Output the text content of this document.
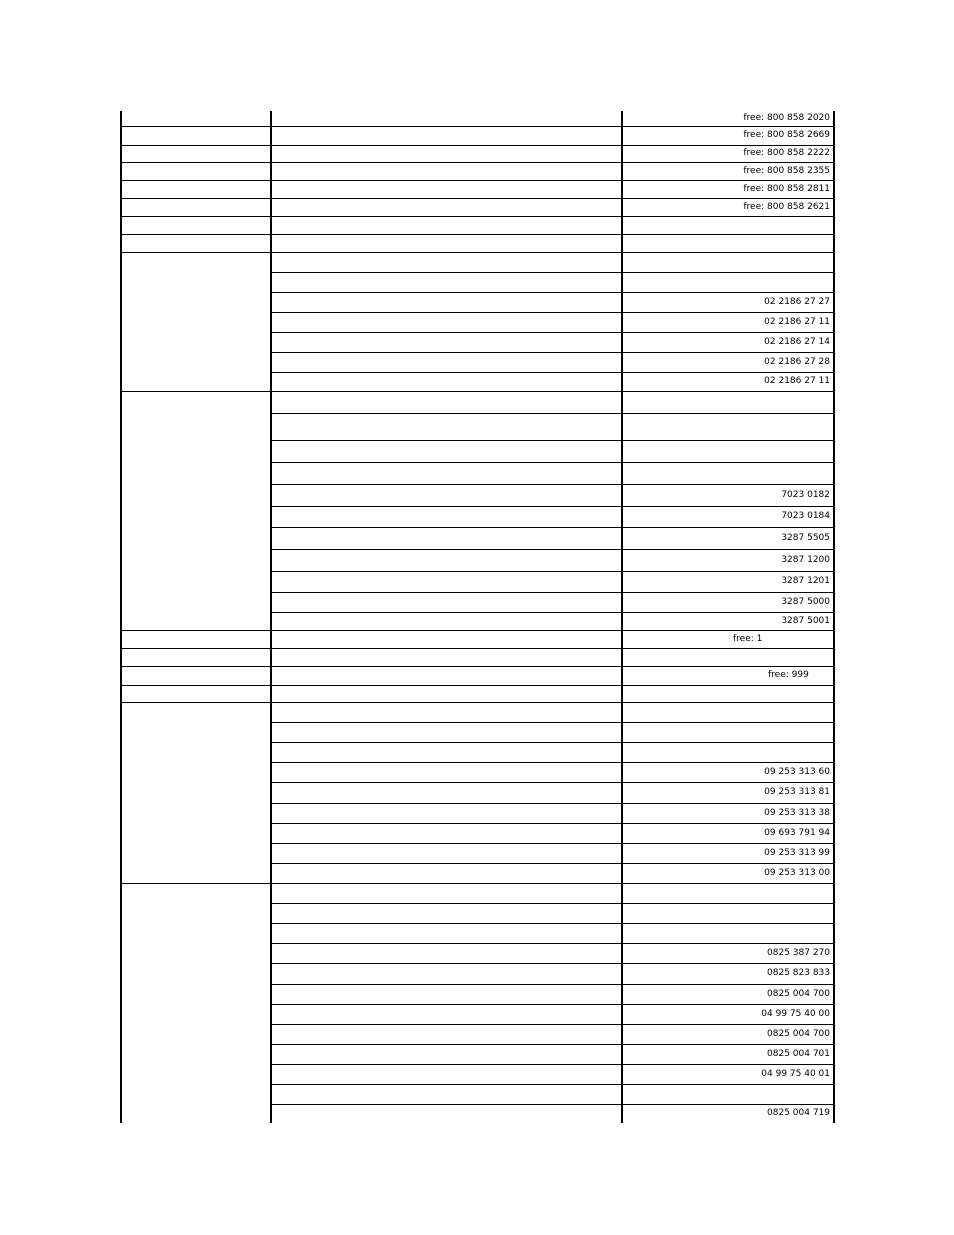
free: 800 858 2020
free: 800 858 2669
free: 800 858 2222
free: 800 858 2355
free: 800 858 2811
free: 800 858 2621
02 2186 27 27
02 2186 27 11
02 2186 27 14
02 2186 27 28
02 2186 27 11
7023 0182
7023 0184
3287 5505
3287 1200
3287 1201
3287 5000
3287 5001
free: 1
free: 999
09 253 313 60
09 253 313 81
09 253 313 38
09 693 791 94
09 253 313 99
09 253 313 00
0825 387 270
0825 823 833
0825 004 700
04 99 75 40 00
0825 004 700
0825 004 701
04 99 75 40 01
0825 004 719
